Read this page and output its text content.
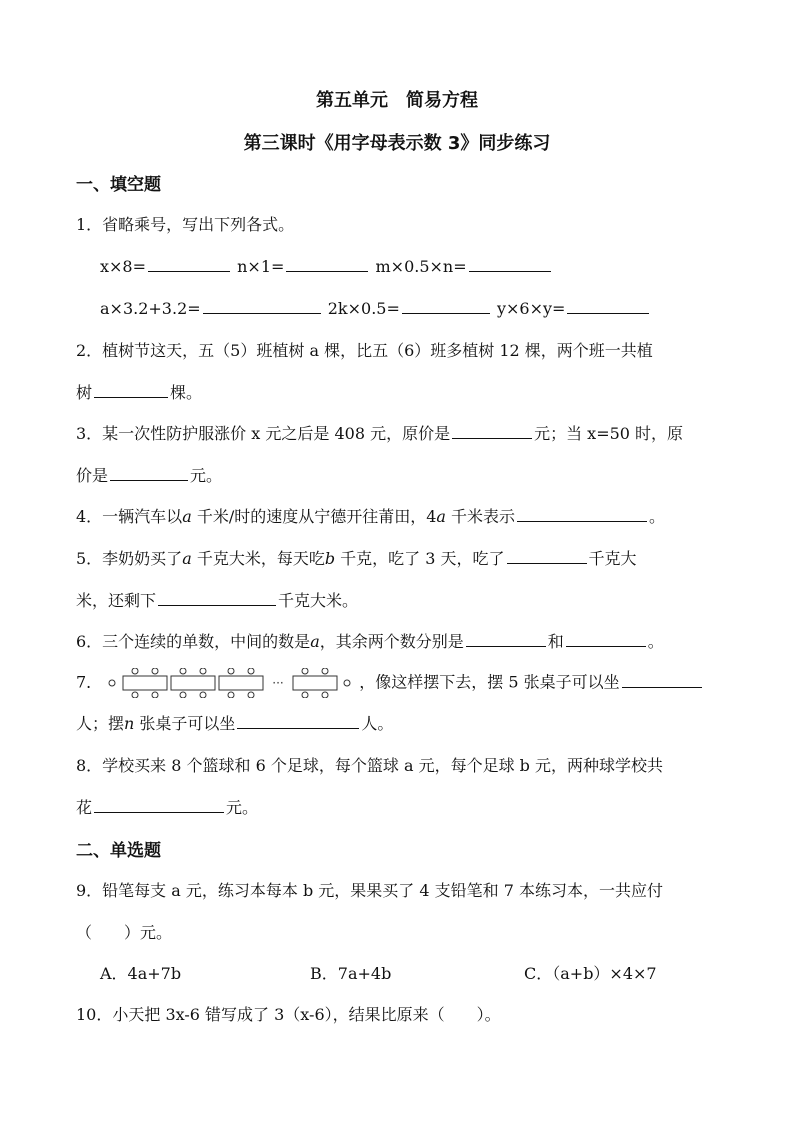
第五单元　简易方程
第三课时《用字母表示数 3》同步练习
一、填空题
1．省略乘号，写出下列各式。
x×8=	n×1=	m×0.5×n=
a×3.2+3.2=	2k×0.5=	y×6×y=
2．植树节这天，五（5）班植树 a 棵，比五（6）班多植树 12 棵，两个班一共植
树	棵。
3．某一次性防护服涨价 x 元之后是 408 元，原价是	元；当 x=50 时，原
价是	元。
4．一辆汽车以a 千米/时的速度从宁德开往莆田，4a 千米表示	。
5．李奶奶买了a 千克大米，每天吃b 千克，吃了 3 天，吃了	千克大
米，还剩下	千克大米。
6．三个连续的单数，中间的数是a，其余两个数分别是	和	。
7．	···	，像这样摆下去，摆 5 张桌子可以坐
人；摆n 张桌子可以坐	人。
8．学校买来 8 个篮球和 6 个足球，每个篮球 a 元，每个足球 b 元，两种球学校共
花	元。
二、单选题
9．铅笔每支 a 元，练习本每本 b 元，果果买了 4 支铅笔和 7 本练习本，一共应付
（　　）元。
A．4a+7b	B．7a+4b	C．（a+b）×4×7
10．小天把 3x-6 错写成了 3（x-6），结果比原来（　　）。
